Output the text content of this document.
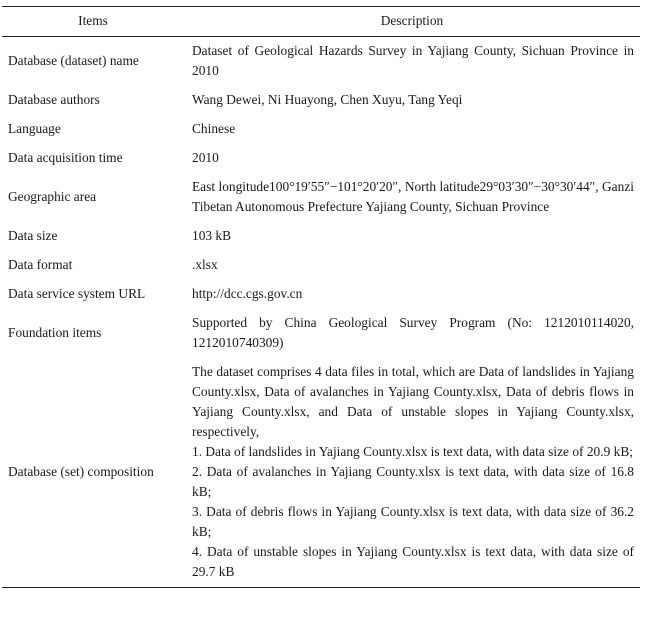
Items	Description
Database (dataset) name	Dataset of Geological Hazards Survey in Yajiang County, Sichuan Province in 2010
Database authors	Wang Dewei, Ni Huayong, Chen Xuyu, Tang Yeqi
Language	Chinese
Data acquisition time	2010
Geographic area	East longitude100°19′55″−101°20′20″, North latitude29°03′30″−30°30′44″, Ganzi Tibetan Autonomous Prefecture Yajiang County, Sichuan Province
Data size	103 kB
Data format	.xlsx
Data service system URL	http://dcc.cgs.gov.cn
Foundation items	Supported by China Geological Survey Program (No: 1212010114020, 1212010740309)
Database (set) composition	The dataset comprises 4 data files in total, which are Data of landslides in Yajiang County.xlsx, Data of avalanches in Yajiang County.xlsx, Data of debris flows in Yajiang County.xlsx, and Data of unstable slopes in Yajiang County.xlsx, respectively,
1. Data of landslides in Yajiang County.xlsx is text data, with data size of 20.9 kB;
2. Data of avalanches in Yajiang County.xlsx is text data, with data size of 16.8 kB;
3. Data of debris flows in Yajiang County.xlsx is text data, with data size of 36.2 kB;
4. Data of unstable slopes in Yajiang County.xlsx is text data, with data size of 29.7 kB
